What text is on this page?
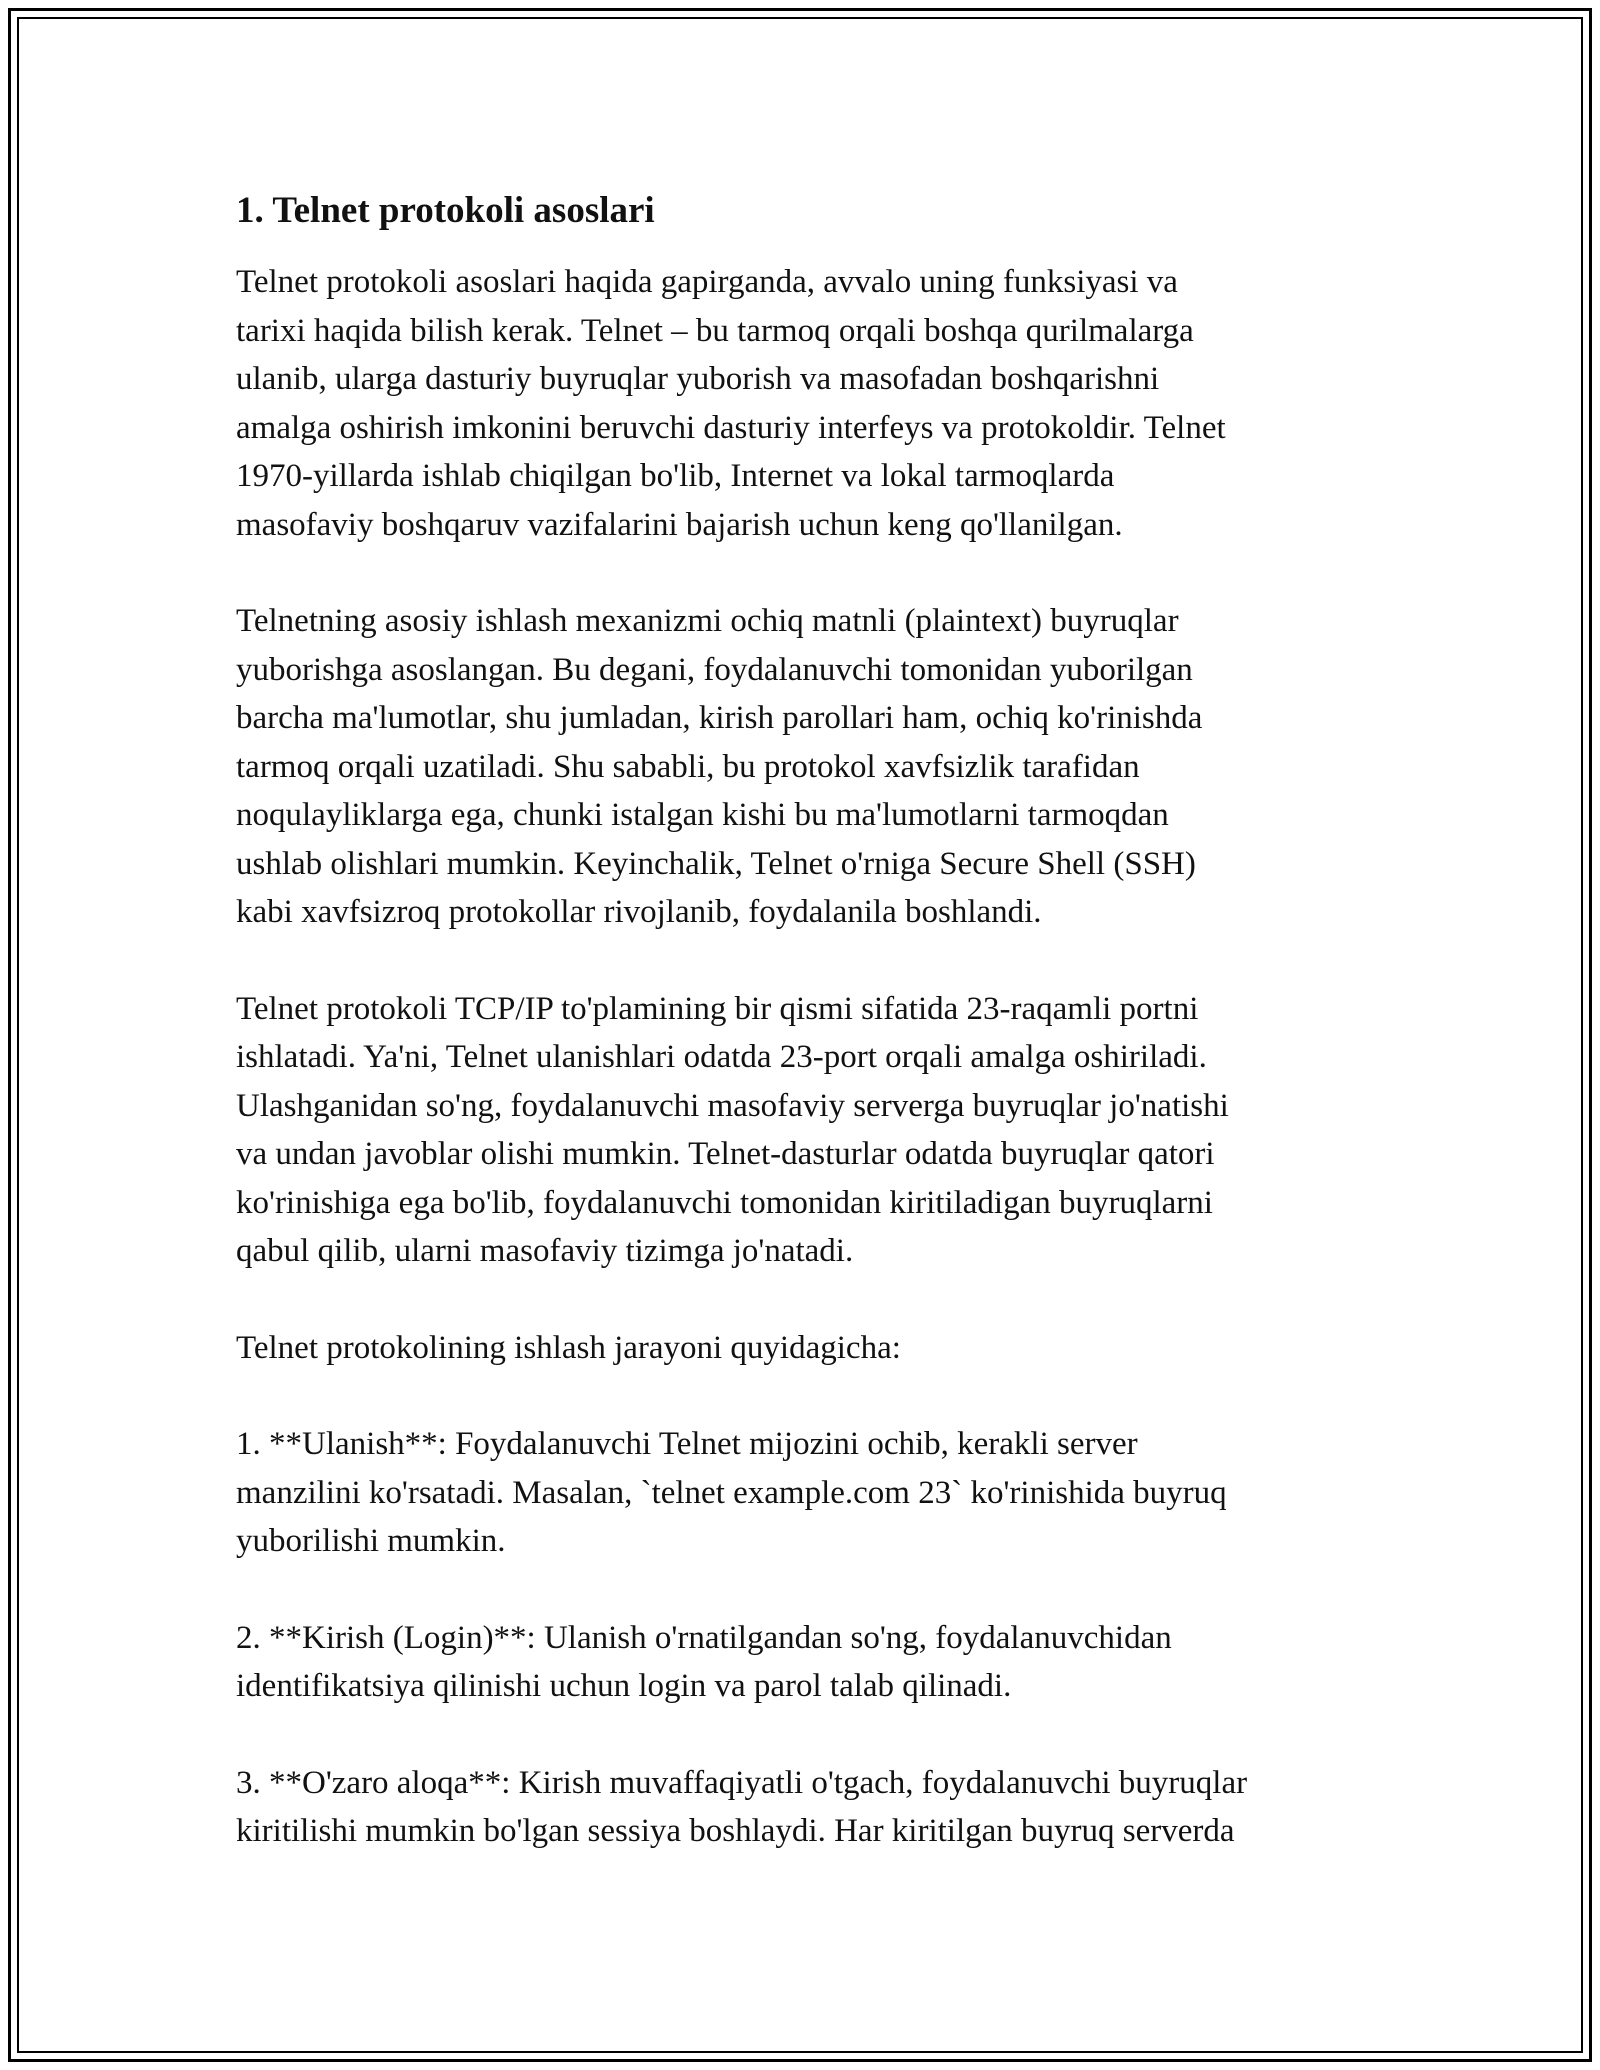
1. Telnet protokoli asoslari
Telnet protokoli asoslari haqida gapirganda, avvalo uning funksiyasi va
tarixi haqida bilish kerak. Telnet – bu tarmoq orqali boshqa qurilmalarga
ulanib, ularga dasturiy buyruqlar yuborish va masofadan boshqarishni
amalga oshirish imkonini beruvchi dasturiy interfeys va protokoldir. Telnet
1970-yillarda ishlab chiqilgan bo'lib, Internet va lokal tarmoqlarda
masofaviy boshqaruv vazifalarini bajarish uchun keng qo'llanilgan.
Telnetning asosiy ishlash mexanizmi ochiq matnli (plaintext) buyruqlar
yuborishga asoslangan. Bu degani, foydalanuvchi tomonidan yuborilgan
barcha ma'lumotlar, shu jumladan, kirish parollari ham, ochiq ko'rinishda
tarmoq orqali uzatiladi. Shu sababli, bu protokol xavfsizlik tarafidan
noqulayliklarga ega, chunki istalgan kishi bu ma'lumotlarni tarmoqdan
ushlab olishlari mumkin. Keyinchalik, Telnet o'rniga Secure Shell (SSH)
kabi xavfsizroq protokollar rivojlanib, foydalanila boshlandi.
Telnet protokoli TCP/IP to'plamining bir qismi sifatida 23-raqamli portni
ishlatadi. Ya'ni, Telnet ulanishlari odatda 23-port orqali amalga oshiriladi.
Ulashganidan so'ng, foydalanuvchi masofaviy serverga buyruqlar jo'natishi
va undan javoblar olishi mumkin. Telnet-dasturlar odatda buyruqlar qatori
ko'rinishiga ega bo'lib, foydalanuvchi tomonidan kiritiladigan buyruqlarni
qabul qilib, ularni masofaviy tizimga jo'natadi.
Telnet protokolining ishlash jarayoni quyidagicha:
1. **Ulanish**: Foydalanuvchi Telnet mijozini ochib, kerakli server
manzilini ko'rsatadi. Masalan, `telnet example.com 23` ko'rinishida buyruq
yuborilishi mumkin.
2. **Kirish (Login)**: Ulanish o'rnatilgandan so'ng, foydalanuvchidan
identifikatsiya qilinishi uchun login va parol talab qilinadi.
3. **O'zaro aloqa**: Kirish muvaffaqiyatli o'tgach, foydalanuvchi buyruqlar
kiritilishi mumkin bo'lgan sessiya boshlaydi. Har kiritilgan buyruq serverda
